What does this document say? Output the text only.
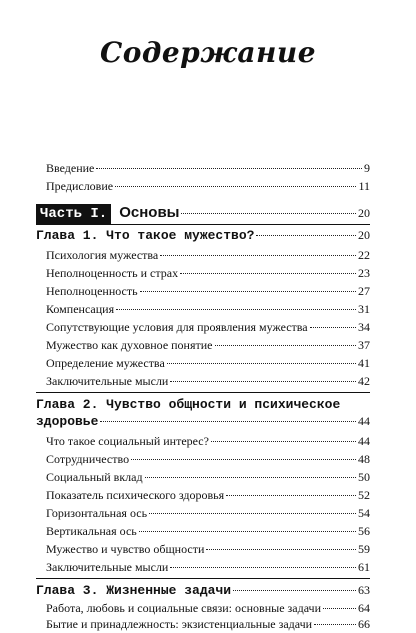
Содержание
Введение	9
Предисловие	11
Часть I. Основы	20
Глава 1. Что такое мужество?	20
Психология мужества	22
Неполноценность и страх	23
Неполноценность	27
Компенсация	31
Сопутствующие условия для проявления мужества	34
Мужество как духовное понятие	37
Определение мужества	41
Заключительные мысли	42
Глава 2. Чувство общности и психическое
здоровье	44
Что такое социальный интерес?	44
Сотрудничество	48
Социальный вклад	50
Показатель психического здоровья	52
Горизонтальная ось	54
Вертикальная ось	56
Мужество и чувство общности	59
Заключительные мысли	61
Глава 3. Жизненные задачи	63
Работа, любовь и социальные связи: основные задачи	64
Бытие и принадлежность: экзистенциальные задачи	66
